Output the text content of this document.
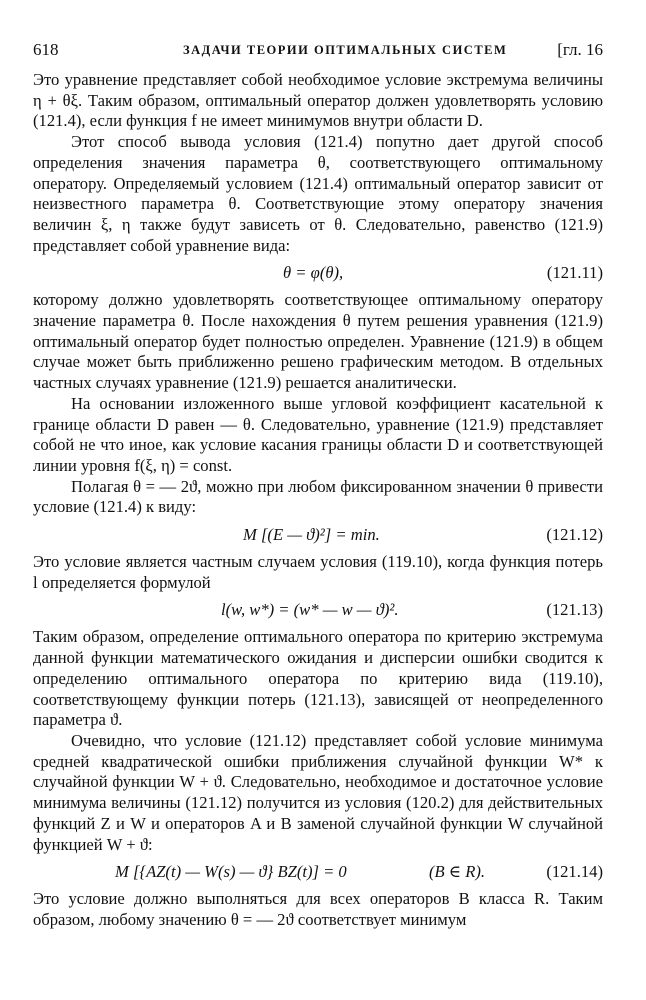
618	ЗАДАЧИ ТЕОРИИ ОПТИМАЛЬНЫХ СИСТЕМ	[гл. 16

Это уравнение представляет собой необходимое условие экстремума величины η + θξ. Таким образом, оптимальный оператор должен удовлетворять условию (121.4), если функция f не имеет минимумов внутри области D.

Этот способ вывода условия (121.4) попутно дает другой способ определения значения параметра θ, соответствующего оптимальному оператору. Определяемый условием (121.4) оптимальный оператор зависит от неизвестного параметра θ. Соответствующие этому оператору значения величин ξ, η также будут зависеть от θ. Следовательно, равенство (121.9) представляет собой уравнение вида:

θ = φ(θ),	(121.11)

которому должно удовлетворять соответствующее оптимальному оператору значение параметра θ. После нахождения θ путем решения уравнения (121.9) оптимальный оператор будет полностью определен. Уравнение (121.9) в общем случае может быть приближенно решено графическим методом. В отдельных частных случаях уравнение (121.9) решается аналитически.

На основании изложенного выше угловой коэффициент касательной к границе области D равен — θ. Следовательно, уравнение (121.9) представляет собой не что иное, как условие касания границы области D и соответствующей линии уровня f(ξ, η) = const.

Полагая θ = — 2ϑ, можно при любом фиксированном значении θ привести условие (121.4) к виду:

M [(E — ϑ)²] = min.	(121.12)

Это условие является частным случаем условия (119.10), когда функция потерь l определяется формулой

l(w, w*) = (w* — w — ϑ)².	(121.13)

Таким образом, определение оптимального оператора по критерию экстремума данной функции математического ожидания и дисперсии ошибки сводится к определению оптимального оператора по критерию вида (119.10), соответствующему функции потерь (121.13), зависящей от неопределенного параметра ϑ.

Очевидно, что условие (121.12) представляет собой условие минимума средней квадратической ошибки приближения случайной функции W* к случайной функции W + ϑ. Следовательно, необходимое и достаточное условие минимума величины (121.12) получится из условия (120.2) для действительных функций Z и W и операторов A и B заменой случайной функции W случайной функцией W + ϑ:

M [{AZ(t) — W(s) — ϑ} BZ(t)] = 0	(B ∈ R).	(121.14)

Это условие должно выполняться для всех операторов B класса R. Таким образом, любому значению θ = — 2ϑ соответствует минимум
